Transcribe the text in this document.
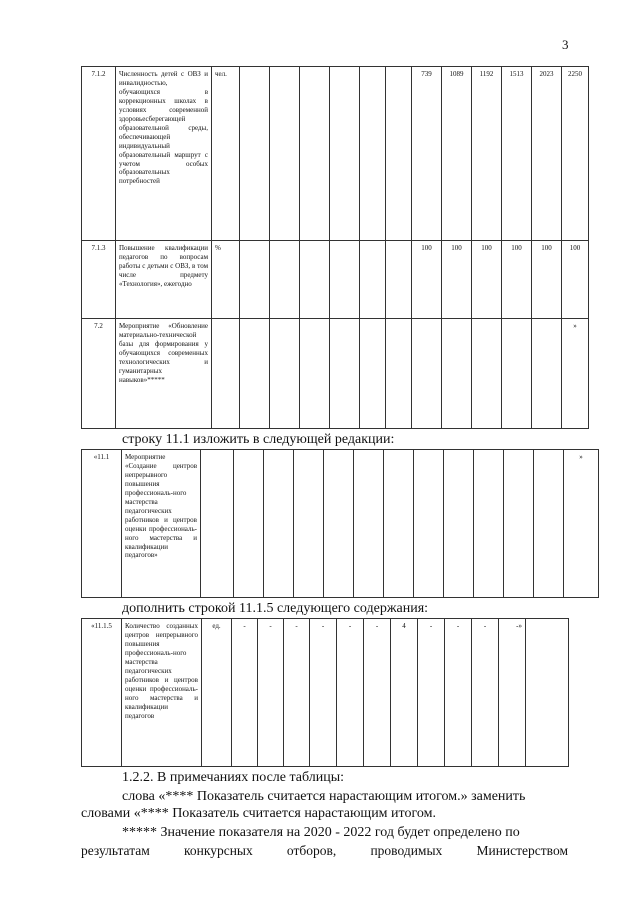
3
7.1.2	Численность детей с ОВЗ и инвалидностью, обучающихся в коррекционных школах в условиях современной здоровьесберегающей образовательной среды, обеспечивающей индивидуальный образовательный маршрут с учетом особых образовательных потребностей	чел.							739	1089	1192	1513	2023	2250
7.1.3	Повышение квалификации педагогов по вопросам работы с детьми с ОВЗ, в том числе предмету «Технология», ежегодно	%							100	100	100	100	100	100
7.2	Мероприятие «Обновление материально-технической базы для формирования у обучающихся современных технологических и гуманитарных навыков»*****													»
строку 11.1 изложить в следующей редакции:
«11.1	Мероприятие «Создание центров непрерывного повышения профессиональ-ного мастерства педагогических работников и центров оценки профессиональ-ного мастерства и квалификации педагогов»													»
дополнить строкой 11.1.5 следующего содержания:
«11.1.5	Количество созданных центров непрерывного повышения профессиональ-ного мастерства педагогических работников и центров оценки профессиональ-ного мастерства и квалификации педагогов	ед.	-	-	-	-	-	-	4	-	-	-	-»	
1.2.2. В примечаниях после таблицы:
слова «**** Показатель считается нарастающим итогом.» заменить
словами «**** Показатель считается нарастающим итогом.
***** Значение показателя на 2020 - 2022 год будет определено по
результатам конкурсных отборов, проводимых Министерством
